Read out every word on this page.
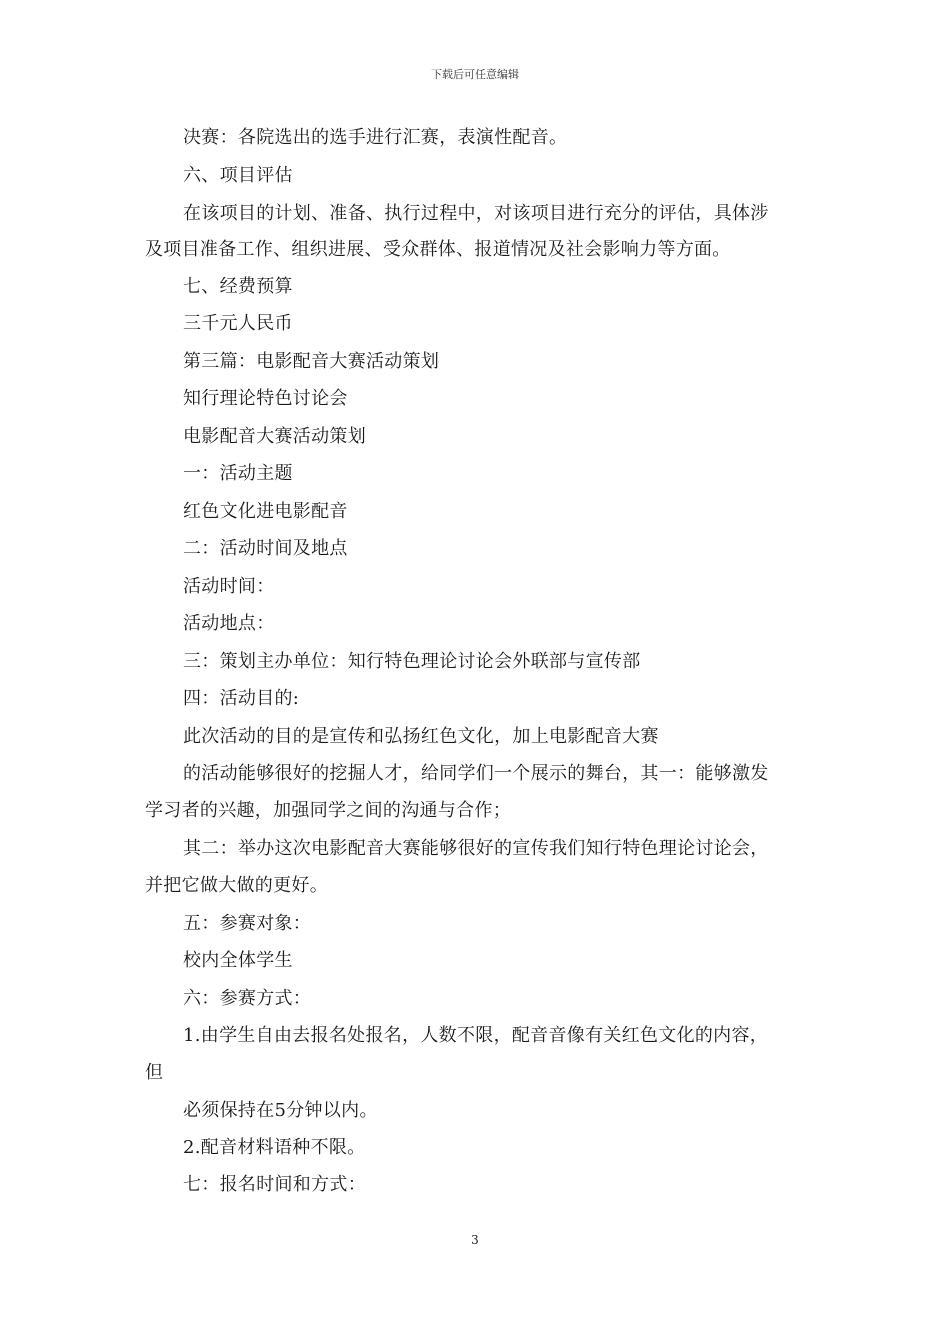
下载后可任意编辑
决赛：各院选出的选手进行汇赛，表演性配音。
六、项目评估
在该项目的计划、准备、执行过程中，对该项目进行充分的评估，具体涉
及项目准备工作、组织进展、受众群体、报道情况及社会影响力等方面。
七、经费预算
三千元人民币
第三篇：电影配音大赛活动策划
知行理论特色讨论会
电影配音大赛活动策划
一：活动主题
红色文化进电影配音
二：活动时间及地点
活动时间：
活动地点：
三：策划主办单位：知行特色理论讨论会外联部与宣传部
四：活动目的:
此次活动的目的是宣传和弘扬红色文化，加上电影配音大赛
的活动能够很好的挖掘人才，给同学们一个展示的舞台，其一：能够激发
学习者的兴趣，加强同学之间的沟通与合作；
其二：举办这次电影配音大赛能够很好的宣传我们知行特色理论讨论会，
并把它做大做的更好。
五：参赛对象：
校内全体学生
六：参赛方式：
1.由学生自由去报名处报名，人数不限，配音音像有关红色文化的内容，
但
必须保持在5分钟以内。
2.配音材料语种不限。
七：报名时间和方式：
3
